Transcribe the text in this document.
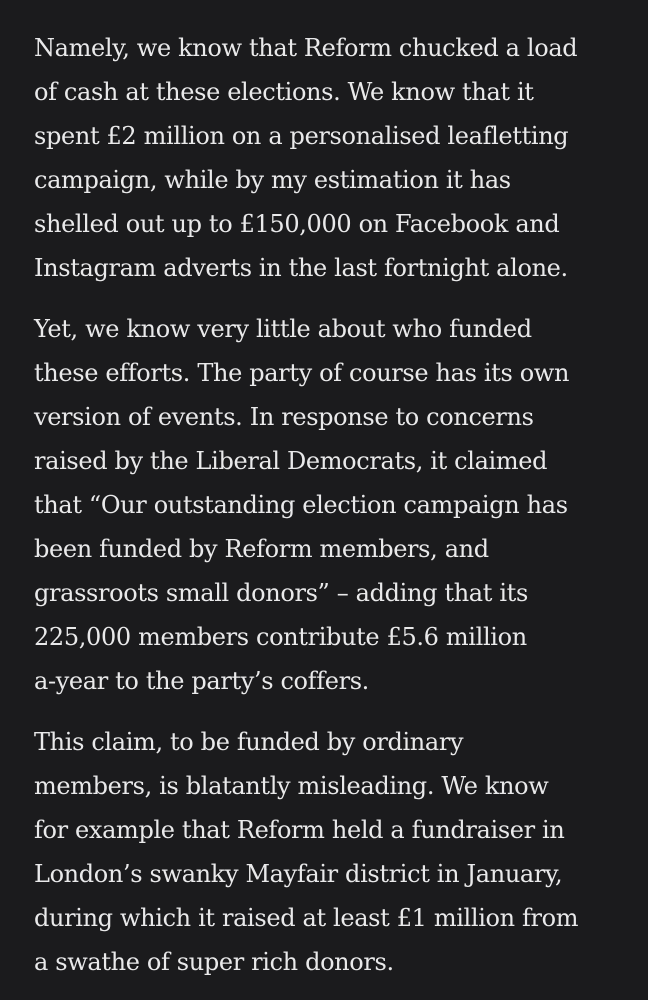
Namely, we know that Reform chucked a load
of cash at these elections. We know that it
spent £2 million on a personalised leafletting
campaign, while by my estimation it has
shelled out up to £150,000 on Facebook and
Instagram adverts in the last fortnight alone.

Yet, we know very little about who funded
these efforts. The party of course has its own
version of events. In response to concerns
raised by the Liberal Democrats, it claimed
that “Our outstanding election campaign has
been funded by Reform members, and
grassroots small donors” – adding that its
225,000 members contribute £5.6 million
a-year to the party’s coffers.

This claim, to be funded by ordinary
members, is blatantly misleading. We know
for example that Reform held a fundraiser in
London’s swanky Mayfair district in January,
during which it raised at least £1 million from
a swathe of super rich donors.
